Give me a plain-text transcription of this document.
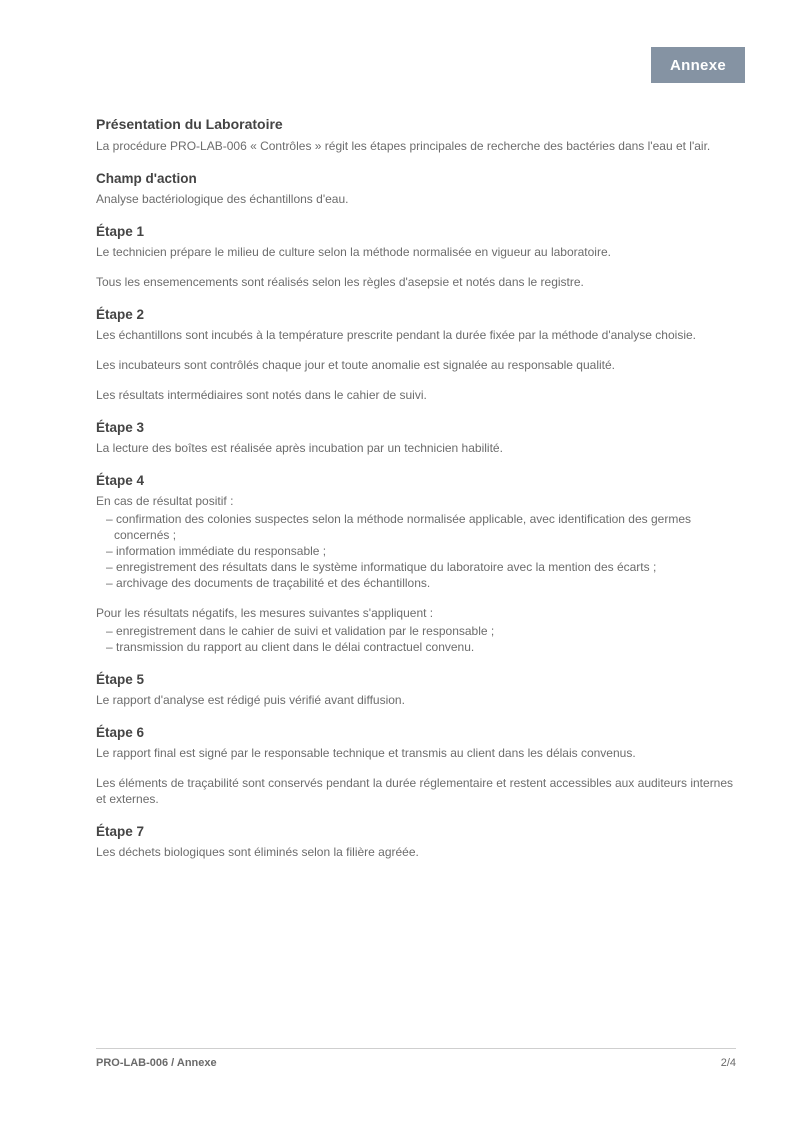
Annexe
Présentation du Laboratoire

La procédure PRO-LAB-006 « Contrôles » régit les étapes principales de recherche des bactéries dans l'eau et l'air.

Champ d'action

Analyse bactériologique des échantillons d'eau.

Étape 1

Le technicien prépare le milieu de culture selon la méthode normalisée en vigueur au laboratoire.

Tous les ensemencements sont réalisés selon les règles d'asepsie et notés dans le registre.

Étape 2

Les échantillons sont incubés à la température prescrite pendant la durée fixée par la méthode d'analyse choisie.

Les incubateurs sont contrôlés chaque jour et toute anomalie est signalée au responsable qualité.

Les résultats intermédiaires sont notés dans le cahier de suivi.

Étape 3

La lecture des boîtes est réalisée après incubation par un technicien habilité.

Étape 4

En cas de résultat positif :

– confirmation des colonies suspectes selon la méthode normalisée applicable, avec identification des germes concernés ;
– information immédiate du responsable ;
– enregistrement des résultats dans le système informatique du laboratoire avec la mention des écarts ;
– archivage des documents de traçabilité et des échantillons.

Pour les résultats négatifs, les mesures suivantes s'appliquent :

– enregistrement dans le cahier de suivi et validation par le responsable ;
– transmission du rapport au client dans le délai contractuel convenu.
Étape 5

Le rapport d'analyse est rédigé puis vérifié avant diffusion.

Étape 6

Le rapport final est signé par le responsable technique et transmis au client dans les délais convenus.

Les éléments de traçabilité sont conservés pendant la durée réglementaire et restent accessibles aux auditeurs internes et externes.

Étape 7

Les déchets biologiques sont éliminés selon la filière agréée.

PRO-LAB-006 / Annexe	2/4
